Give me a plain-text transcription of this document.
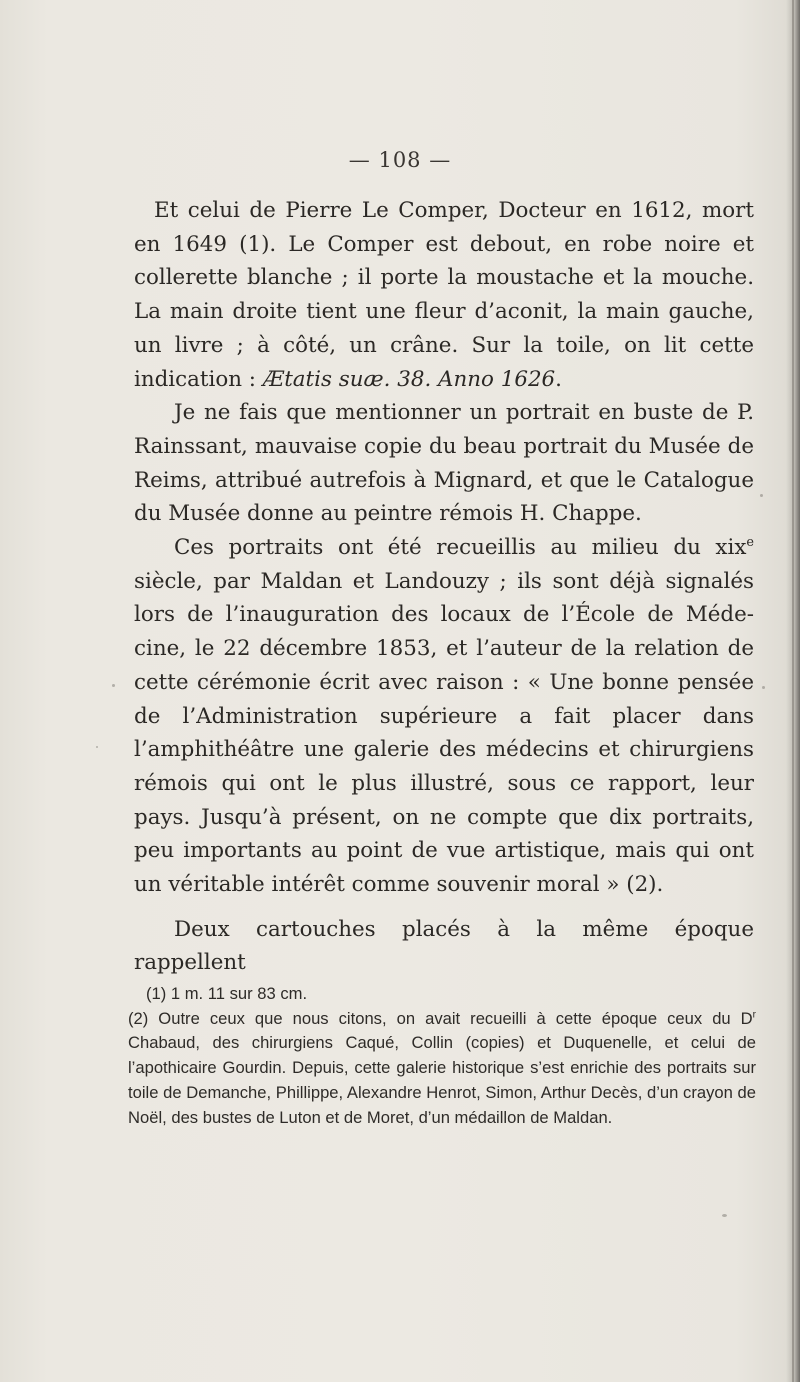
— 108 —

Et celui de Pierre Le Comper, Docteur en 1612, mort en 1649 (1). Le Comper est debout, en robe noire et collerette blanche ; il porte la moustache et la mouche. La main droite tient une fleur d’aconit, la main gauche, un livre ; à côté, un crâne. Sur la toile, on lit cette indication : Ætatis suæ. 38. Anno 1626.

Je ne fais que mentionner un portrait en buste de P. Rainssant, mauvaise copie du beau portrait du Musée de Reims, attribué autrefois à Mignard, et que le Catalogue du Musée donne au peintre rémois H. Chappe.

Ces portraits ont été recueillis au milieu du xix$^e$ siècle, par Maldan et Landouzy ; ils sont déjà signalés lors de l’inauguration des locaux de l’École de Médecine, le 22 décembre 1853, et l’auteur de la relation de cette cérémonie écrit avec raison : « Une bonne pensée de l’Administration supérieure a fait placer dans l’amphithéâtre une galerie des médecins et chirurgiens rémois qui ont le plus illustré, sous ce rapport, leur pays. Jusqu’à présent, on ne compte que dix portraits, peu importants au point de vue artistique, mais qui ont un véritable intérêt comme souvenir moral » (2).

Deux cartouches placés à la même époque rappellent

(1) 1 m. 11 sur 83 cm.

(2) Outre ceux que nous citons, on avait recueilli à cette époque ceux du $D^r$ Chabaud, des chirurgiens Caqué, Collin (copies) et Duquenelle, et celui de l’apothicaire Gourdin. Depuis, cette galerie historique s’est enrichie des portraits sur toile de Demanche, Phillippe, Alexandre Henrot, Simon, Arthur Decès, d’un crayon de Noël, des bustes de Luton et de Moret, d’un médaillon de Maldan.
